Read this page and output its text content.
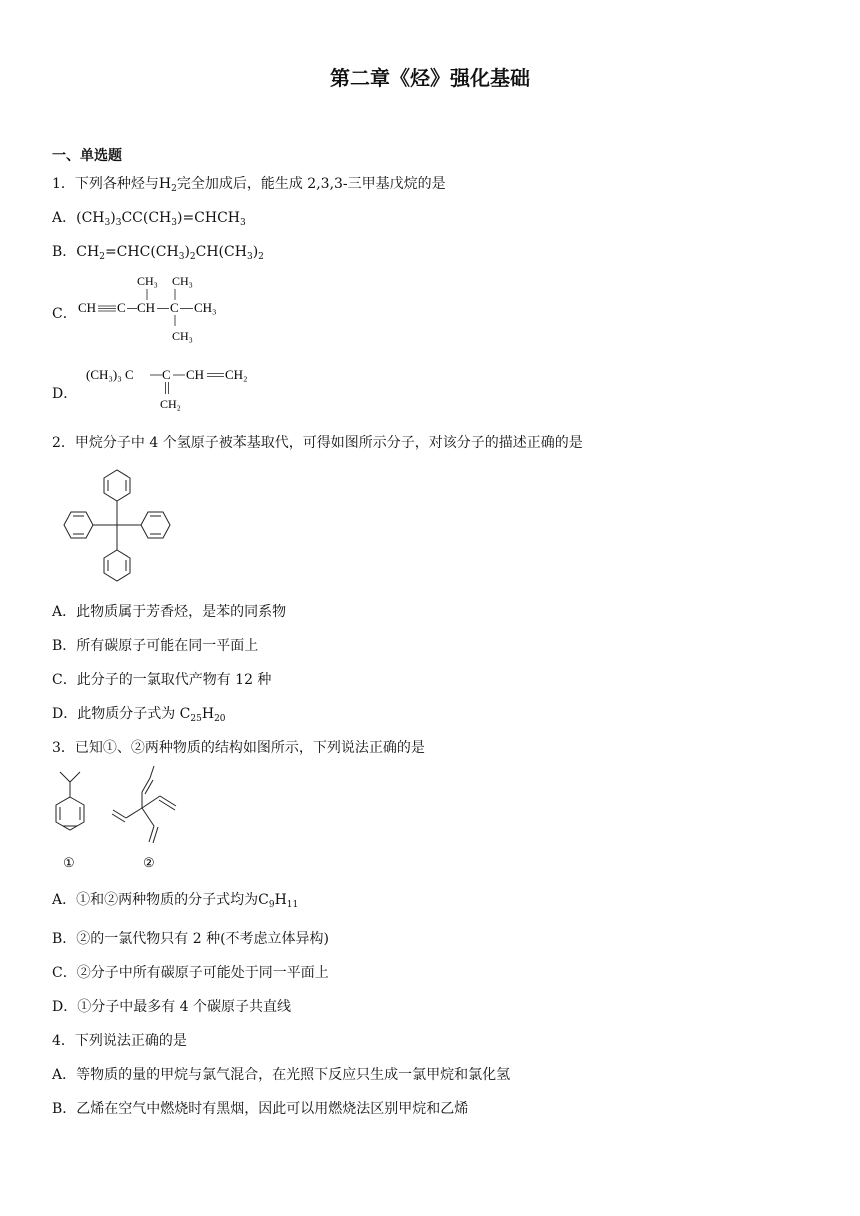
第二章《烃》强化基础
一、单选题
1．下列各种烃与$H_2$完全加成后，能生成 2,3,3-三甲基戊烷的是
A．$(CH_3)_3CC(CH_3)=CHCH_3$
B．$CH_2=CHC(CH_3)_2CH(CH_3)_2$
C． CH C CH C CH₃
CH₃ CH₃
CH₃
D．
(CH₃)₃ C C CH CH₂
CH₂
2．甲烷分子中 4 个氢原子被苯基取代，可得如图所示分子，对该分子的描述正确的是
A．此物质属于芳香烃，是苯的同系物
B．所有碳原子可能在同一平面上
C．此分子的一氯取代产物有 12 种
D．此物质分子式为 $C_{25}H_{20}$
3．已知①、②两种物质的结构如图所示，下列说法正确的是
①	②
A．①和②两种物质的分子式均为$C_9H_{11}$
B．②的一氯代物只有 2 种(不考虑立体异构)
C．②分子中所有碳原子可能处于同一平面上
D．①分子中最多有 4 个碳原子共直线
4．下列说法正确的是
A．等物质的量的甲烷与氯气混合，在光照下反应只生成一氯甲烷和氯化氢
B．乙烯在空气中燃烧时有黑烟，因此可以用燃烧法区别甲烷和乙烯
